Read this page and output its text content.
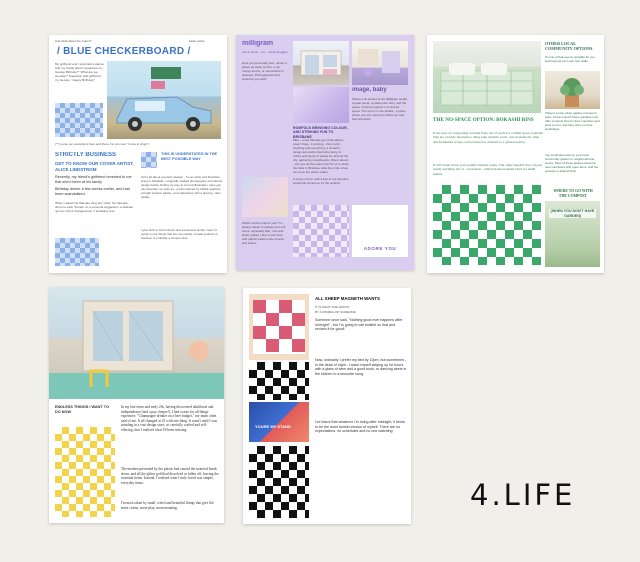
And what about the colors?	kaski vierlie
/ BLUE CHECKERBOARD /
My girlfriend and I stumbled a glance with my buddy about mysterious my George Birthday!* "What are we, anyway?" Sugestion with girlfriend my George, "Happy Birthday!"
(^^) some our exceptions here and there. Do you see * home to drug?)
STRICTLY BUSINESS
GET TO KNOW OUR COVER ARTIST, ALICE LINDSTROM
Recently, my friend's girlfriend revealed to me that she'd been at his family
Birthday dinner a few weeks earlier, and had been scandalised.
When I asked her flatmate wing any 'chat', her flatmate, drove to each 'friends' on a personal suggestion, a delicate 'get too' she'd changed over 'I' at lasting over.
THIS IS UNDERSTATED IN THE BEST POSSIBLE WAY
Tell a bit about yourself, please! - I'm an artist and illustrator living in Adelaide. I originally studied photography and interior design before finding my way to art and illustration. Now you can describe my style as - prints inspired by 1920s graphics, a bright positive palette, and characters with a dreamy, calm quality.
I give birth to bold colours and expressive works. Now I'm trying to use things that are very tactile. Knowing what's in between is probably a compromise.
milligram
Get to know... Go... Dusty Duggan
How you personally feel - about a space as clean as this, or as messy as this, or somewhere in between. Photographed and styled as you wish.
ROMFOLK BRINGING COLOUR, AND STRIKING FUN TO BRISBANE
Mike - a two-flatmate gem that always wasn't there. In a living - this month - anything and everything, a cheerful, design-led studio that finds plenty of coffee and plenty of pastel fun around the city, gathering moodboards, Mike's dream - can you do the exact brief for us to show the folks in Brisbane what life is like when we move the whole studio.
image, baby
Where it all started at the Milligram studio: a quiet street, a pastel pink door, and the peace of being together in a shared space. The rest is in the details - a place where you can spend an afternoon and feel refreshed.
A sunny corner, with a few of our favourite postcards pinned up by the window.
Which colours inspire you? I'm always drawn to pastels and soft tones, especially lilac, mint and butter yellow. I like to pair them with playful patterns like checks and waves.
ADORE YOU
THE NO-SPACE OPTION: BOKASHI BINS
If the idea of composting at home feels out of reach for a small space, bokashi bins are a handy alternative. They take up little room, can sit under the sink, and fermented scraps can be buried or donated to a garden nearby.
It will break down your weekly kitchen waste. The other benefit? You can put nearly anything into it - even meat - which makes bokashi ideal for small homes.
OTHER LOCAL COMMUNITY OPTIONS
If none of that seems possible for you, look beyond your own four walls.
There's a new urban garden concept in town. Know a spot? Some gardens now offer compost bins for their members and plots to rent, and they often run free workshops.
You could also look up your local community garden or neighbourhood centre. Most of these spaces welcome new volunteers with open arms, and the produce is shared fairly.
WHERE TO GO WITH THE COMPOST
[WHEN YOU DON'T HAVE GARDEN]
ENDLESS THINGS I WANT TO DO NOW
In my late teens and early 20s, having discovered adulthood and independence (and a pay cheque!), I had a taste for all things expensive. "Champagne drinker on a beer budget," my mum often said of me. It all changed at 25 with one thing: It wasn't until I was standing in a vast design store, so carefully crafted and self-effacing, that I realised what I'd been missing.
The modern presented by the plastic had caused the material break down, and all the glitter gold had dissolved or fallen off, leaving the essential items. Instead, I realised what I truly loved was simple, everyday items.
I'm most taken by small, weird and beautiful things that give life more colour, more play, more meaning.
YOURE MY STAND
ALL SHEEP MAGNETH WANTS
IT IS WHAT SHE WANTS
BY A MINIMALIST SOMEONE
Someone once said, "Nothing good ever happens after midnight" - but I'm going to call bullshit on that and reclaim it for good!
Now, ordinarily I prefer my bed by 10pm, but sometimes - in the dead of night - I catch myself staying up for hours with a glass of wine and a good book, or dancing alone in the kitchen to a favourite song.
I've learnt that whatever I'm doing after midnight, it tends to be the most honest version of myself. There are no expectations, no schedules and no one watching.
4.LIFE
